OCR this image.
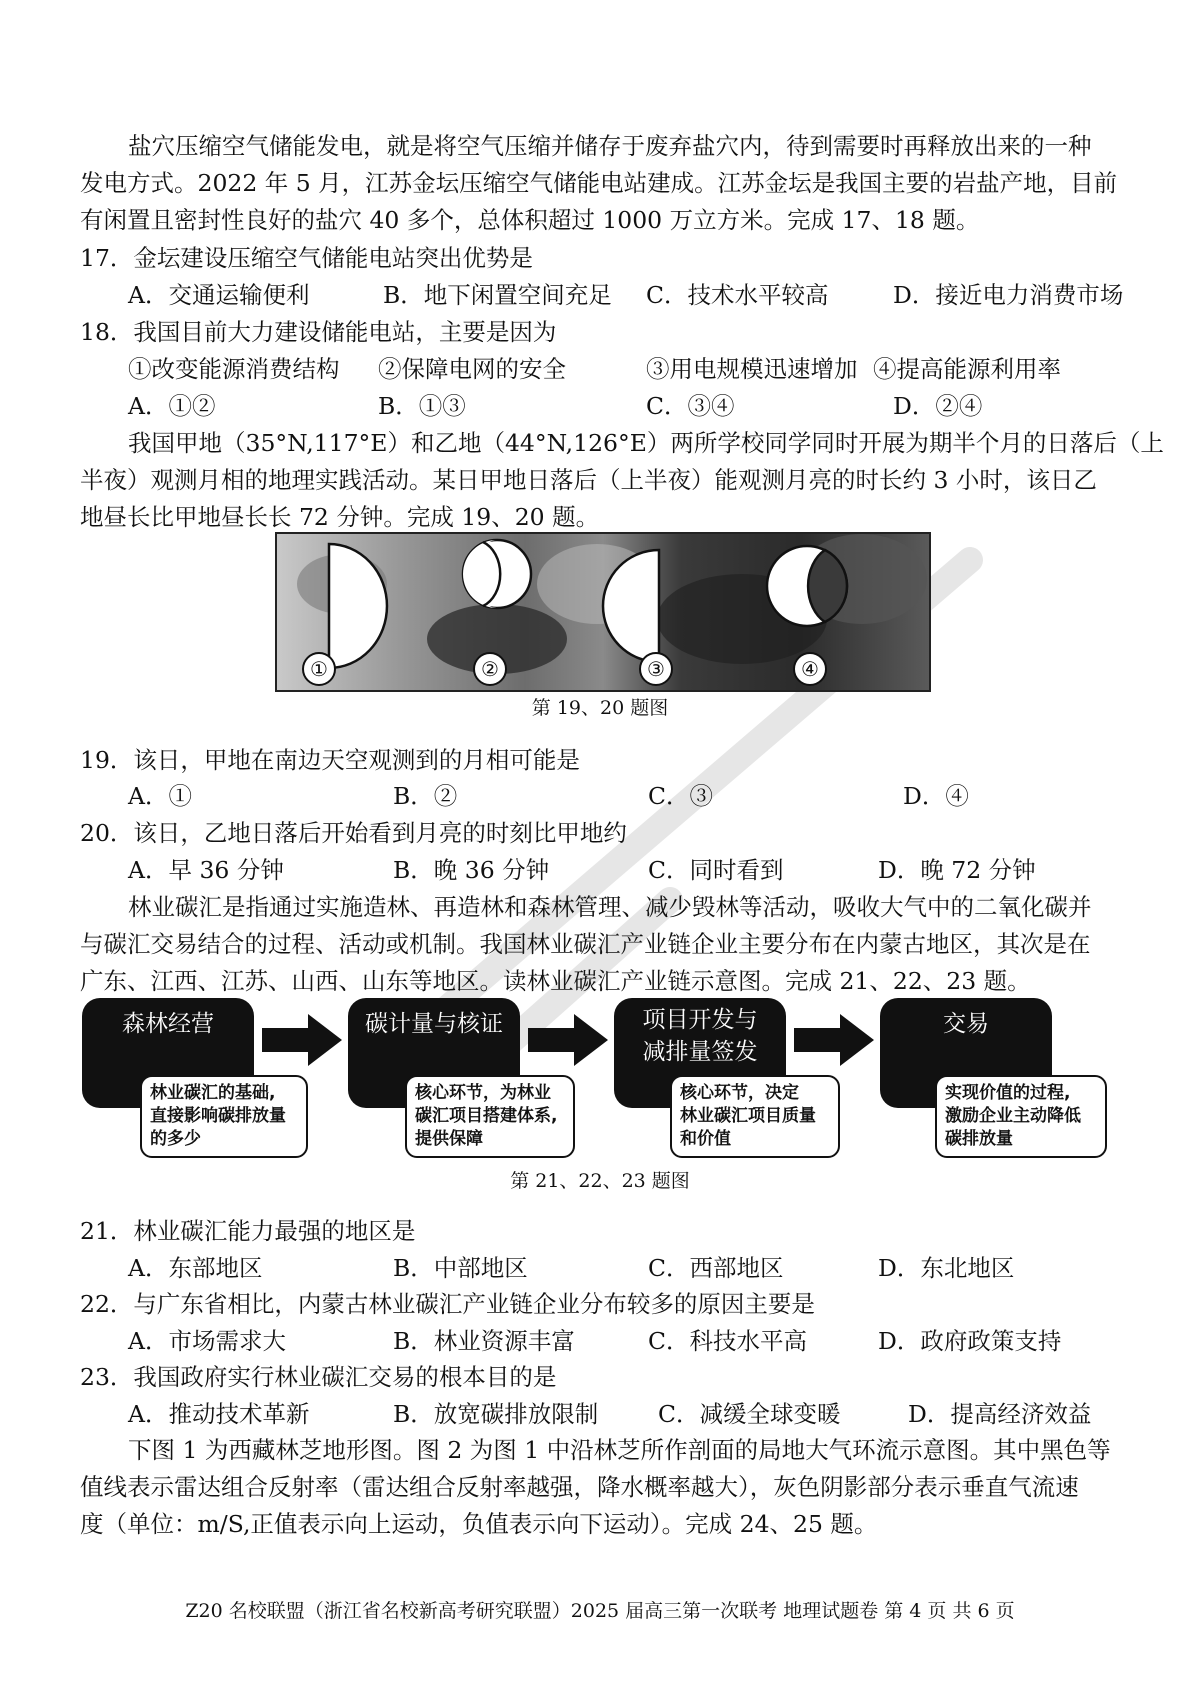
盐穴压缩空气储能发电，就是将空气压缩并储存于废弃盐穴内，待到需要时再释放出来的一种
发电方式。2022 年 5 月，江苏金坛压缩空气储能电站建成。江苏金坛是我国主要的岩盐产地，目前
有闲置且密封性良好的盐穴 40 多个，总体积超过 1000 万立方米。完成 17、18 题。
17．金坛建设压缩空气储能电站突出优势是
A．交通运输便利	B．地下闲置空间充足 C．技术水平较高	D．接近电力消费市场
18．我国目前大力建设储能电站，主要是因为
①改变能源消费结构 ②保障电网的安全	③用电规模迅速增加 ④提高能源利用率
A．①②	B．①③	C．③④	D．②④
我国甲地（35°N,117°E）和乙地（44°N,126°E）两所学校同学同时开展为期半个月的日落后（上
半夜）观测月相的地理实践活动。某日甲地日落后（上半夜）能观测月亮的时长约 3 小时，该日乙
地昼长比甲地昼长长 72 分钟。完成 19、20 题。
①	②	③	④
第 19、20 题图
19．该日，甲地在南边天空观测到的月相可能是
A．①	B．②	C．③	D．④
20．该日，乙地日落后开始看到月亮的时刻比甲地约
A．早 36 分钟	B．晚 36 分钟	C．同时看到	D．晚 72 分钟
林业碳汇是指通过实施造林、再造林和森林管理、减少毁林等活动，吸收大气中的二氧化碳并
与碳汇交易结合的过程、活动或机制。我国林业碳汇产业链企业主要分布在内蒙古地区，其次是在
广东、江西、江苏、山西、山东等地区。读林业碳汇产业链示意图。完成 21、22、23 题。
森林经营	碳计量与核证	项目开发与
减排量签发
交易
林业碳汇的基础,
直接影响碳排放量
的多少
核心环节，为林业
碳汇项目搭建体系,
提供保障
核心环节，决定
林业碳汇项目质量
和价值
实现价值的过程,
激励企业主动降低
碳排放量
第 21、22、23 题图
21．林业碳汇能力最强的地区是
A．东部地区	B．中部地区	C．西部地区	D．东北地区
22．与广东省相比，内蒙古林业碳汇产业链企业分布较多的原因主要是
A．市场需求大	B．林业资源丰富	C．科技水平高	D．政府政策支持
23．我国政府实行林业碳汇交易的根本目的是
A．推动技术革新	B．放宽碳排放限制	C．减缓全球变暖	D．提高经济效益
下图 1 为西藏林芝地形图。图 2 为图 1 中沿林芝所作剖面的局地大气环流示意图。其中黑色等
值线表示雷达组合反射率（雷达组合反射率越强，降水概率越大），灰色阴影部分表示垂直气流速
度（单位：m/S,正值表示向上运动，负值表示向下运动）。完成 24、25 题。
Z20 名校联盟（浙江省名校新高考研究联盟）2025 届高三第一次联考 地理试题卷 第 4 页 共 6 页
